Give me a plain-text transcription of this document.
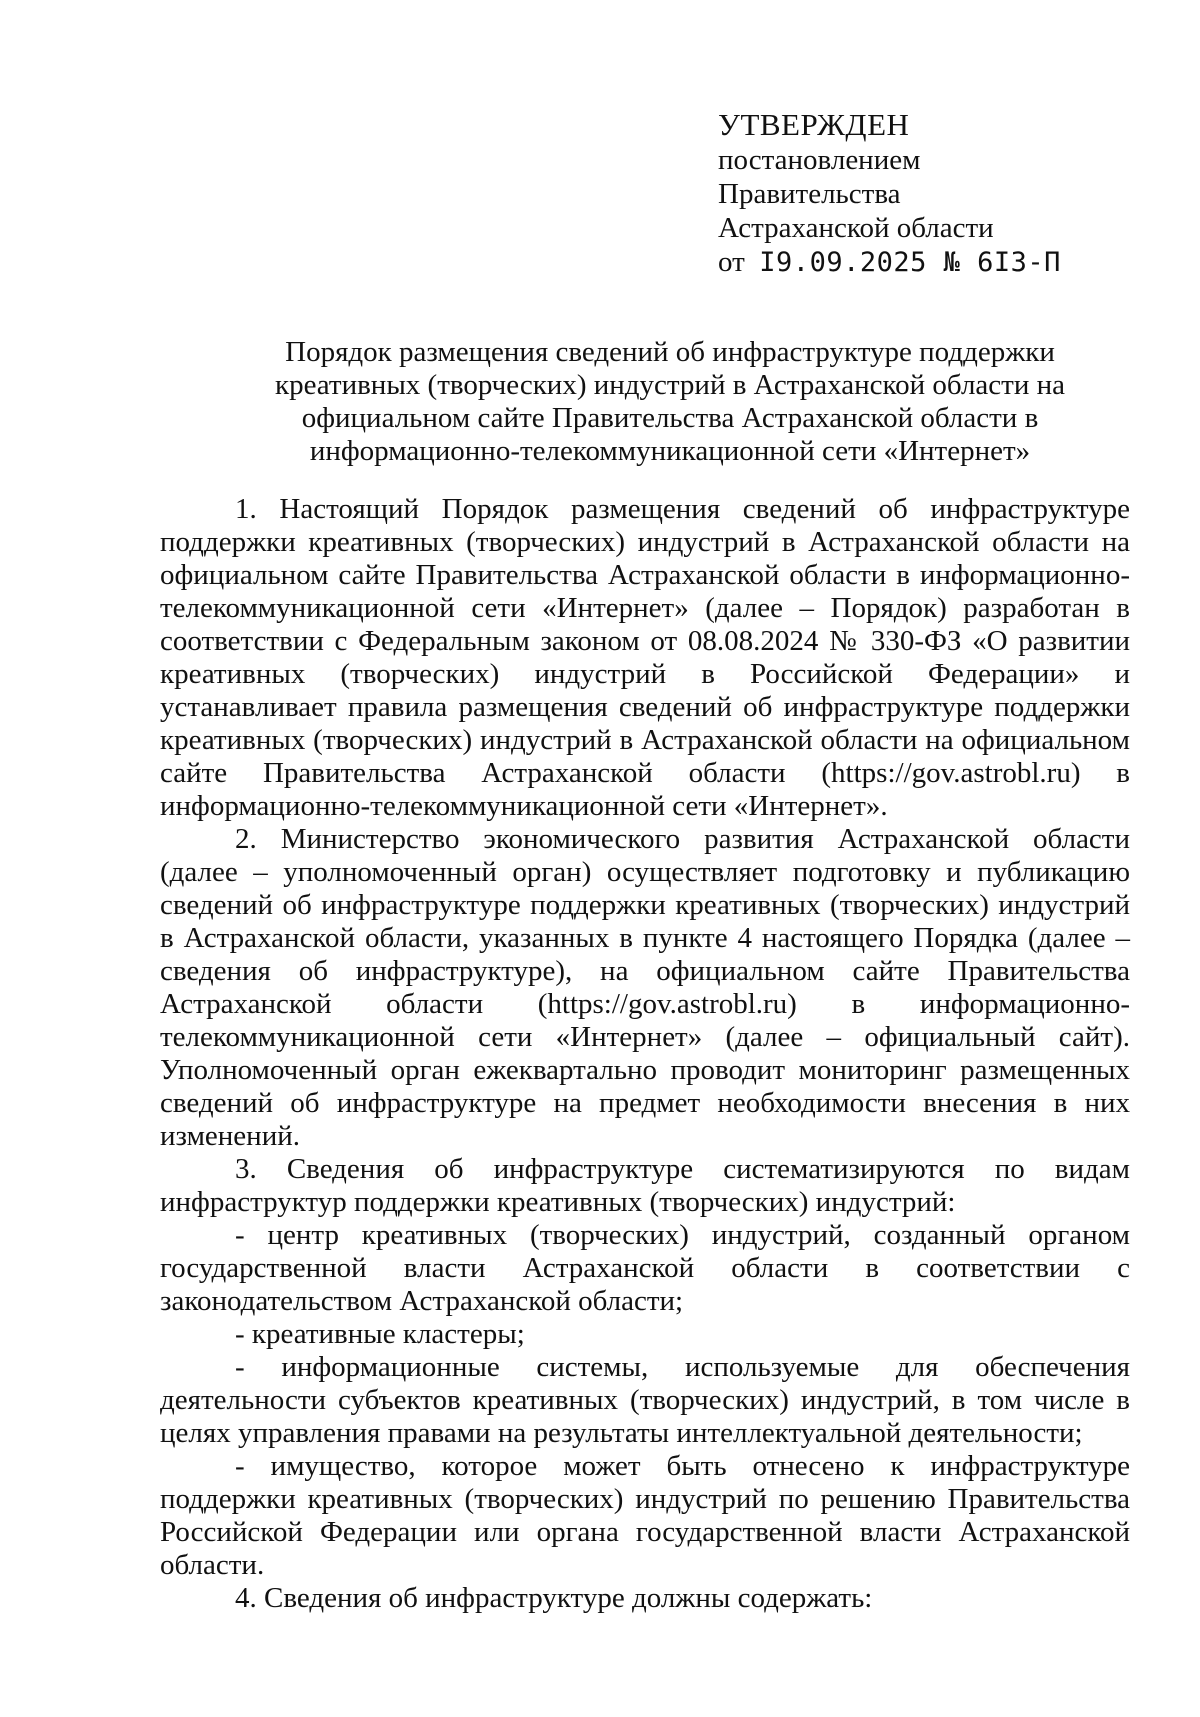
УТВЕРЖДЕН
постановлением
Правительства
Астраханской области
от I9.09.2025 № 6I3-П
Порядок размещения сведений об инфраструктуре поддержки креативных (творческих) индустрий в Астраханской области на официальном сайте Правительства Астраханской области в информационно-телекоммуникационной сети «Интернет»

1. Настоящий Порядок размещения сведений об инфраструктуре поддержки креативных (творческих) индустрий в Астраханской области на официальном сайте Правительства Астраханской области в информационно-телекоммуникационной сети «Интернет» (далее – Порядок) разработан в соответствии с Федеральным законом от 08.08.2024 № 330-ФЗ «О развитии креативных (творческих) индустрий в Российской Федерации» и устанавливает правила размещения сведений об инфраструктуре поддержки креативных (творческих) индустрий в Астраханской области на официальном сайте Правительства Астраханской области (https://gov.astrobl.ru) в информационно-телекоммуникационной сети «Интернет».

2. Министерство экономического развития Астраханской области (далее – уполномоченный орган) осуществляет подготовку и публикацию сведений об инфраструктуре поддержки креативных (творческих) индустрий в Астраханской области, указанных в пункте 4 настоящего Порядка (далее – сведения об инфраструктуре), на официальном сайте Правительства Астраханской области (https://gov.astrobl.ru) в информационно-телекоммуникационной сети «Интернет» (далее – официальный сайт). Уполномоченный орган ежеквартально проводит мониторинг размещенных сведений об инфраструктуре на предмет необходимости внесения в них изменений.

3. Сведения об инфраструктуре систематизируются по видам инфраструктур поддержки креативных (творческих) индустрий:

- центр креативных (творческих) индустрий, созданный органом государственной власти Астраханской области в соответствии с законодательством Астраханской области;

- креативные кластеры;

- информационные системы, используемые для обеспечения деятельности субъектов креативных (творческих) индустрий, в том числе в целях управления правами на результаты интеллектуальной деятельности;

- имущество, которое может быть отнесено к инфраструктуре поддержки креативных (творческих) индустрий по решению Правительства Российской Федерации или органа государственной власти Астраханской области.

4. Сведения об инфраструктуре должны содержать:
